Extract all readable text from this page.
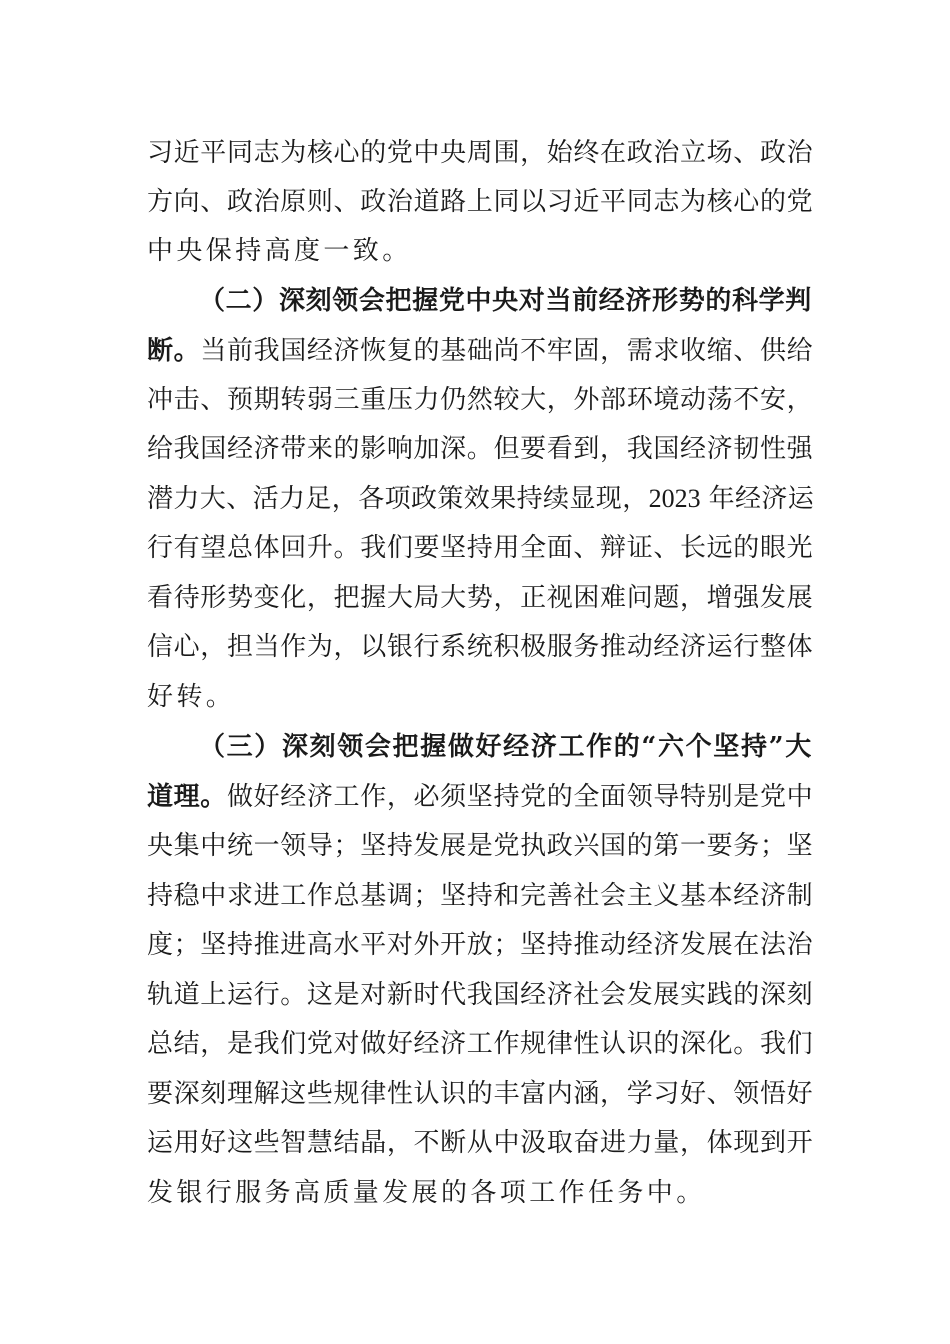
习近平同志为核心的党中央周围，始终在政治立场、政治
方向、政治原则、政治道路上同以习近平同志为核心的党
中央保持高度一致。
（二）深刻领会把握党中央对当前经济形势的科学判
断。当前我国经济恢复的基础尚不牢固，需求收缩、供给
冲击、预期转弱三重压力仍然较大，外部环境动荡不安，
给我国经济带来的影响加深。但要看到，我国经济韧性强
潜力大、活力足，各项政策效果持续显现，2023 年经济运
行有望总体回升。我们要坚持用全面、辩证、长远的眼光
看待形势变化，把握大局大势，正视困难问题，增强发展
信心，担当作为，以银行系统积极服务推动经济运行整体
好转。
（三）深刻领会把握做好经济工作的“六个坚持”大
道理。做好经济工作，必须坚持党的全面领导特别是党中
央集中统一领导；坚持发展是党执政兴国的第一要务；坚
持稳中求进工作总基调；坚持和完善社会主义基本经济制
度；坚持推进高水平对外开放；坚持推动经济发展在法治
轨道上运行。这是对新时代我国经济社会发展实践的深刻
总结，是我们党对做好经济工作规律性认识的深化。我们
要深刻理解这些规律性认识的丰富内涵，学习好、领悟好
运用好这些智慧结晶，不断从中汲取奋进力量，体现到开
发银行服务高质量发展的各项工作任务中。
